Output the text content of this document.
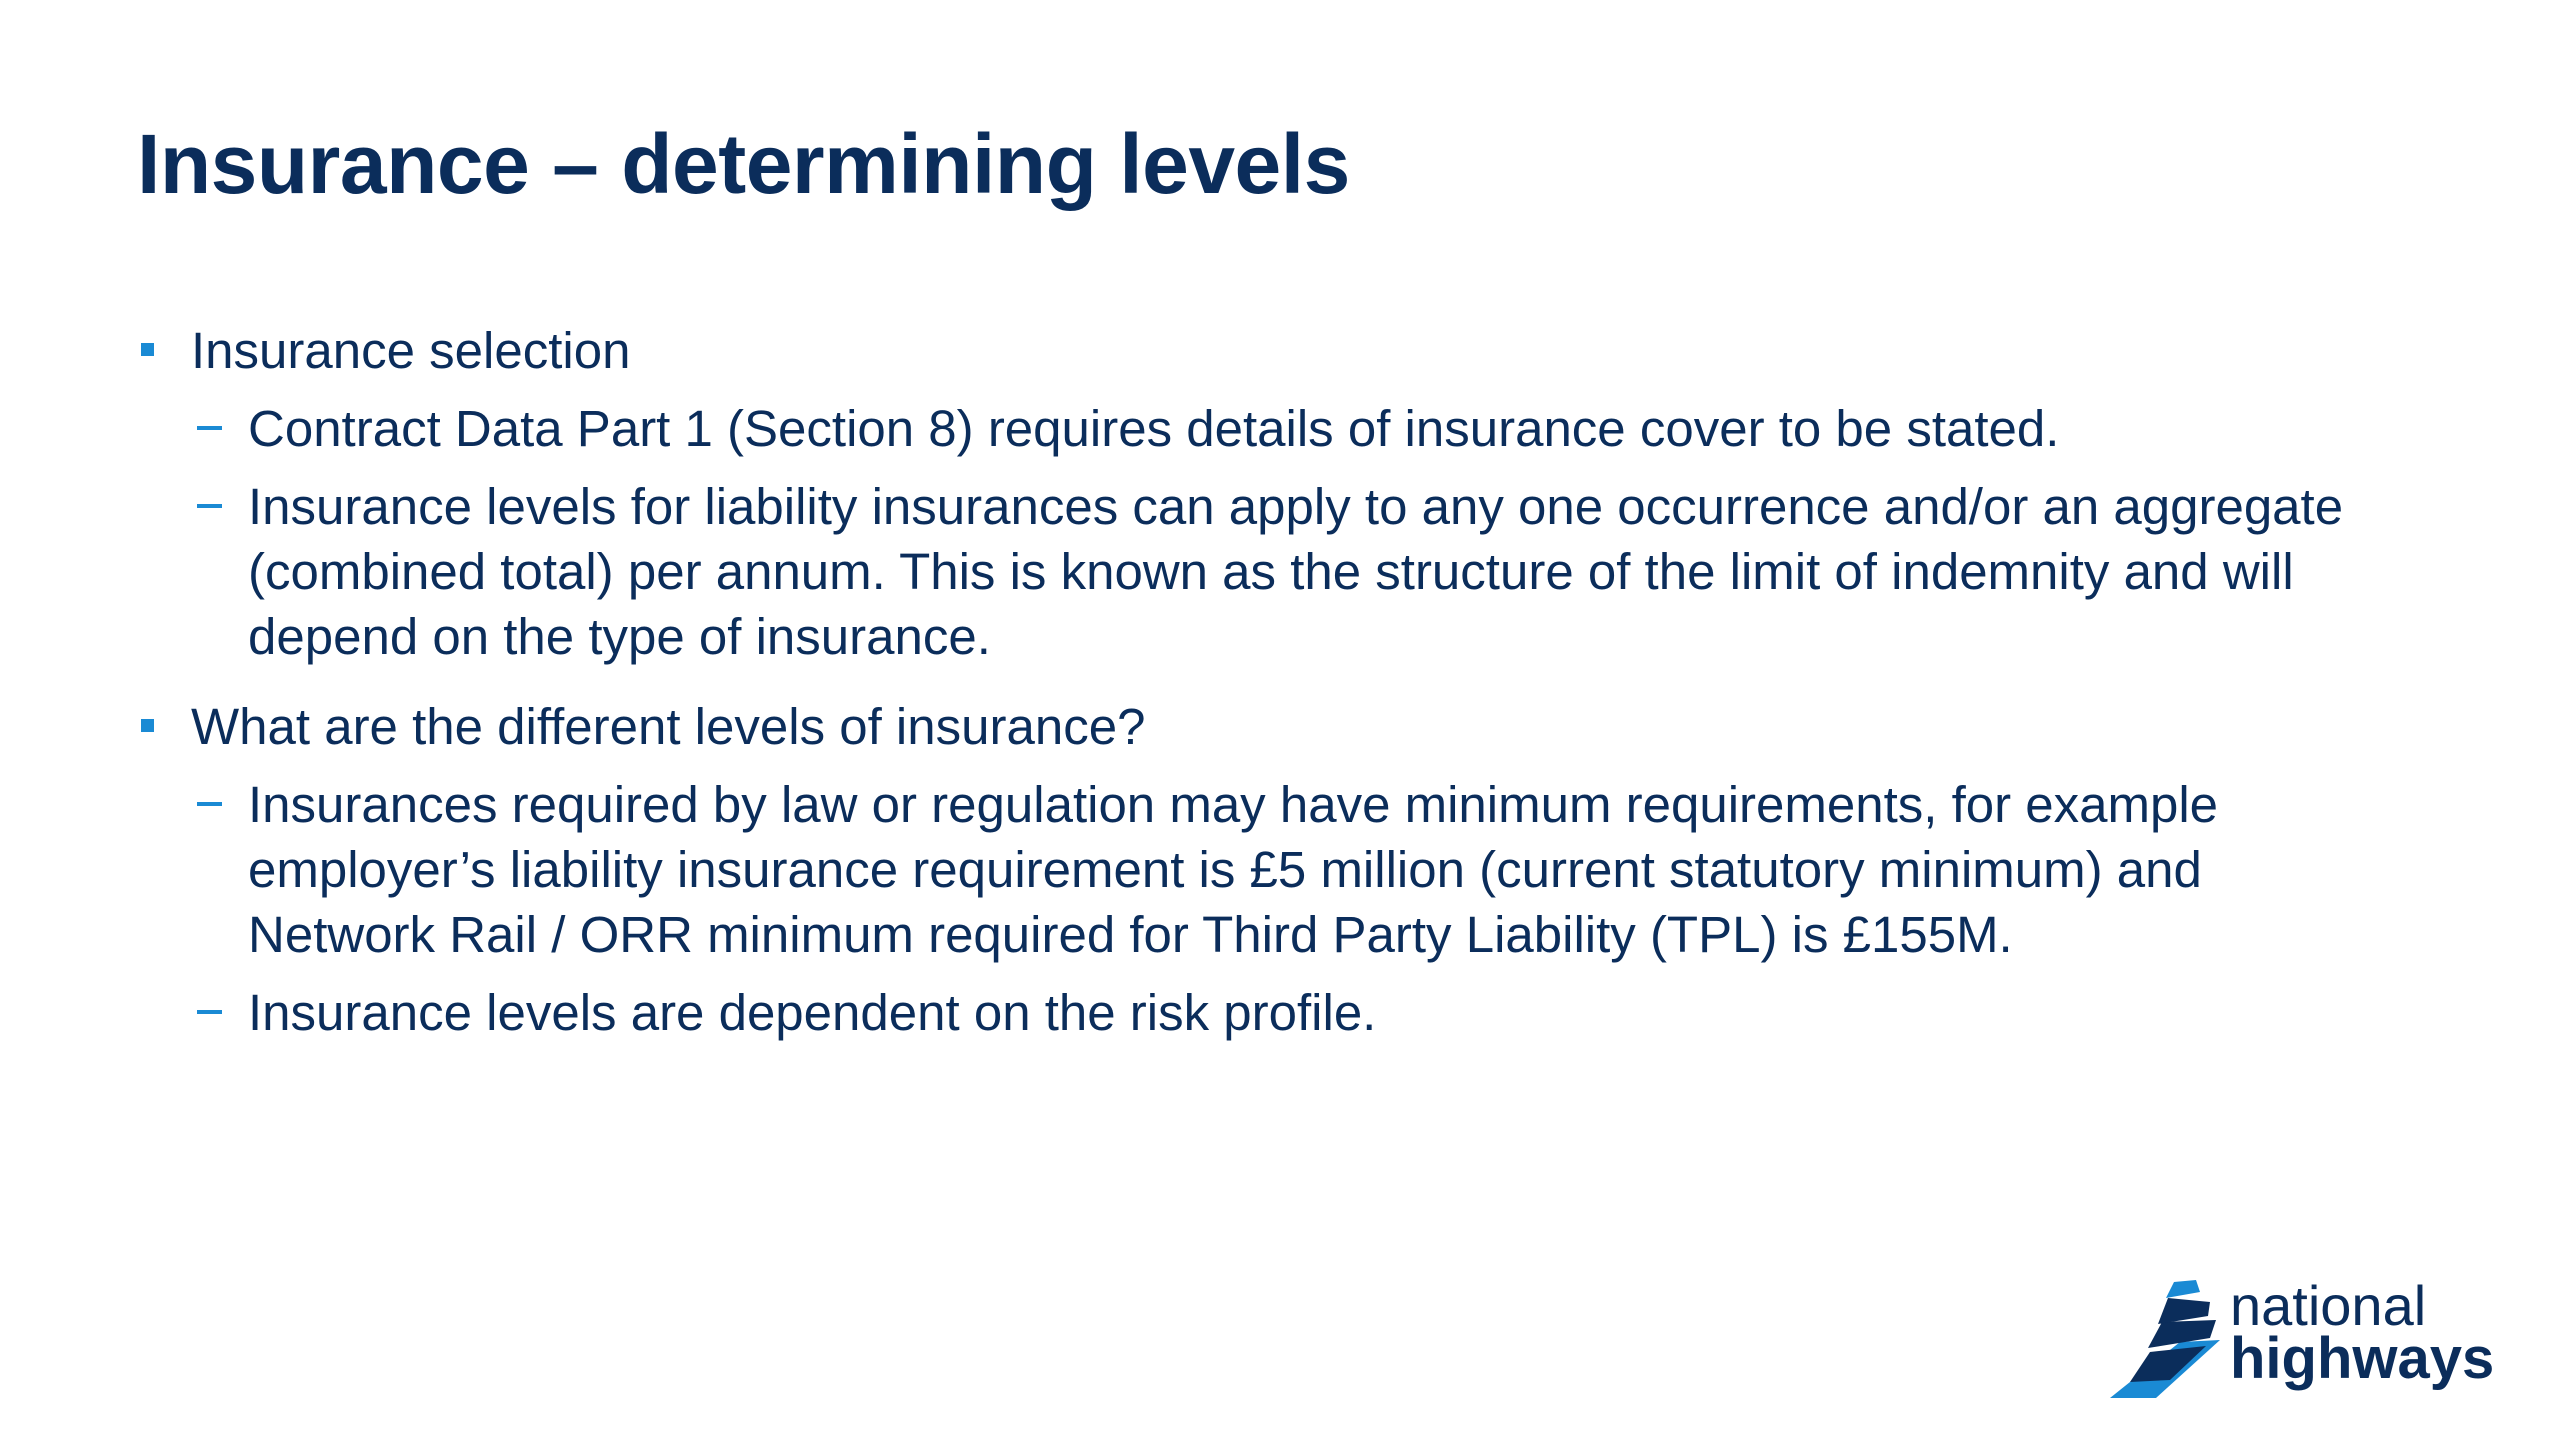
Insurance – determining levels
Insurance selection
Contract Data Part 1 (Section 8) requires details of insurance cover to be stated.
Insurance levels for liability insurances can apply to any one occurrence and/or an aggregate (combined total) per annum. This is known as the structure of the limit of indemnity and will depend on the type of insurance.
What are the different levels of insurance?
Insurances required by law or regulation may have minimum requirements, for example employer’s liability insurance requirement is £5 million (current statutory minimum) and Network Rail / ORR minimum required for Third Party Liability (TPL) is £155M.
Insurance levels are dependent on the risk profile.
national
highways
